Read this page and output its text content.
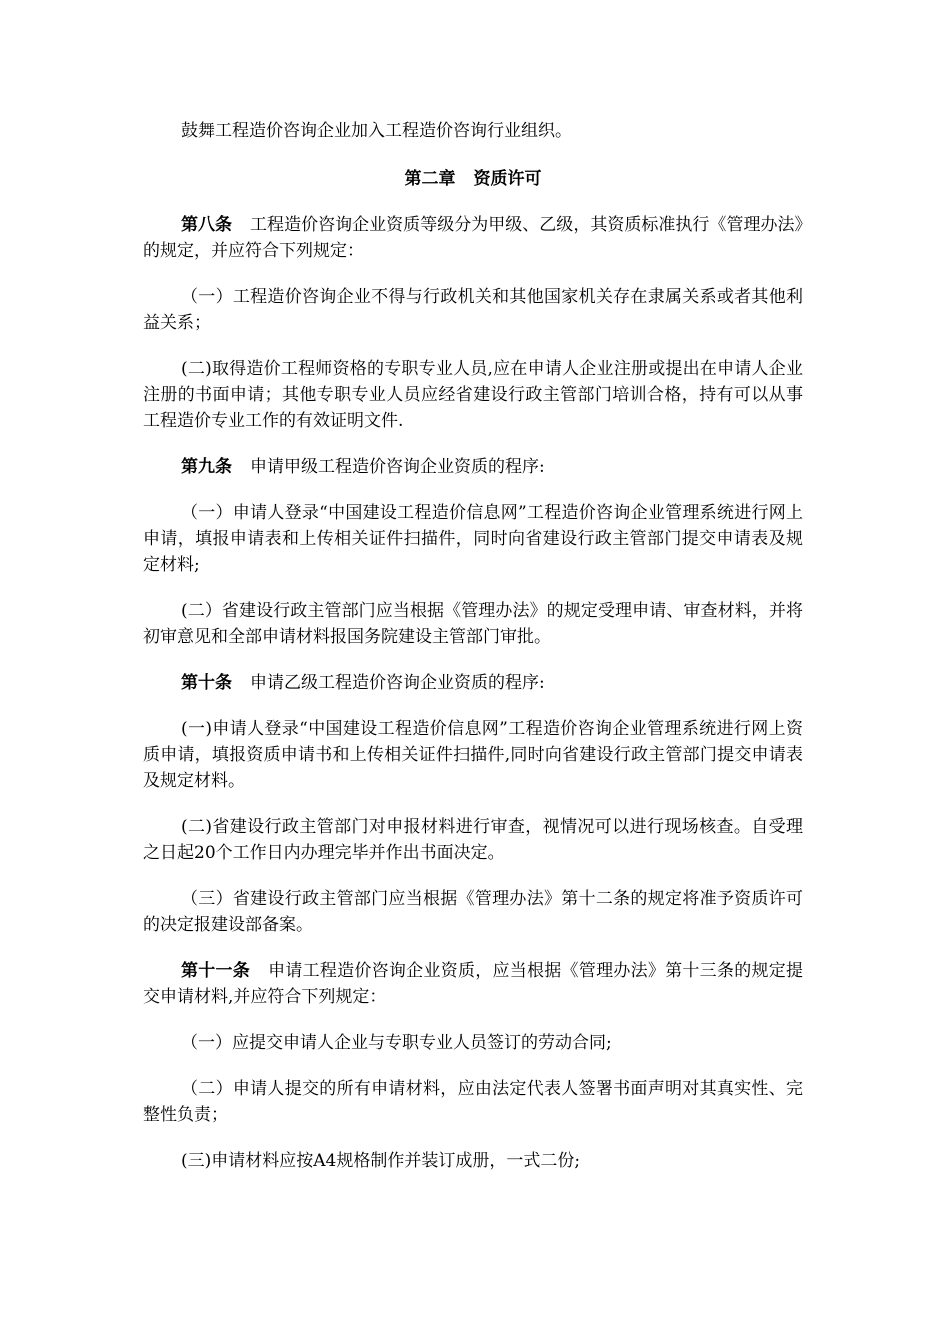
鼓舞工程造价咨询企业加入工程造价咨询行业组织。

第二章 资质许可

第八条 工程造价咨询企业资质等级分为甲级、乙级，其资质标准执行《管理办法》的规定，并应符合下列规定：

（一）工程造价咨询企业不得与行政机关和其他国家机关存在隶属关系或者其他利益关系；

(二)取得造价工程师资格的专职专业人员,应在申请人企业注册或提出在申请人企业注册的书面申请；其他专职专业人员应经省建设行政主管部门培训合格，持有可以从事工程造价专业工作的有效证明文件.

第九条 申请甲级工程造价咨询企业资质的程序:

（一）申请人登录“中国建设工程造价信息网”工程造价咨询企业管理系统进行网上申请，填报申请表和上传相关证件扫描件，同时向省建设行政主管部门提交申请表及规定材料;

(二）省建设行政主管部门应当根据《管理办法》的规定受理申请、审查材料，并将初审意见和全部申请材料报国务院建设主管部门审批。

第十条 申请乙级工程造价咨询企业资质的程序:

(一)申请人登录“中国建设工程造价信息网”工程造价咨询企业管理系统进行网上资质申请，填报资质申请书和上传相关证件扫描件,同时向省建设行政主管部门提交申请表及规定材料。

(二)省建设行政主管部门对申报材料进行审查，视情况可以进行现场核查。自受理之日起20个工作日内办理完毕并作出书面决定。

（三）省建设行政主管部门应当根据《管理办法》第十二条的规定将准予资质许可的决定报建设部备案。

第十一条 申请工程造价咨询企业资质，应当根据《管理办法》第十三条的规定提交申请材料,并应符合下列规定：

（一）应提交申请人企业与专职专业人员签订的劳动合同;

（二）申请人提交的所有申请材料，应由法定代表人签署书面声明对其真实性、完整性负责；

(三)申请材料应按A4规格制作并装订成册，一式二份;
